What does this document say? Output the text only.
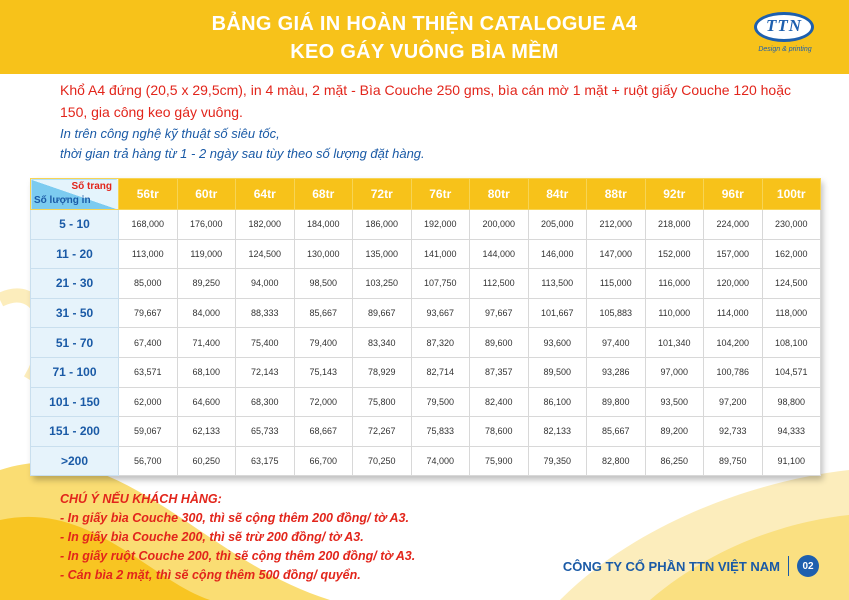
BẢNG GIÁ IN HOÀN THIỆN CATALOGUE A4
KEO GÁY VUÔNG BÌA MỀM
TTN
Design & printing
Khổ A4 đứng (20,5 x 29,5cm), in 4 màu, 2 mặt - Bìa Couche 250 gms, bìa cán mờ 1 mặt + ruột giấy Couche 120 hoặc 150, gia công keo gáy vuông.
In trên công nghệ kỹ thuật số siêu tốc,
thời gian trả hàng từ 1 - 2 ngày sau tùy theo số lượng đặt hàng.
Số trang
Số lượng in	56tr	60tr	64tr	68tr	72tr	76tr	80tr	84tr	88tr	92tr	96tr	100tr
5 - 10	168,000	176,000	182,000	184,000	186,000	192,000	200,000	205,000	212,000	218,000	224,000	230,000
11 - 20	113,000	119,000	124,500	130,000	135,000	141,000	144,000	146,000	147,000	152,000	157,000	162,000
21 - 30	85,000	89,250	94,000	98,500	103,250	107,750	112,500	113,500	115,000	116,000	120,000	124,500
31 - 50	79,667	84,000	88,333	85,667	89,667	93,667	97,667	101,667	105,883	110,000	114,000	118,000
51 - 70	67,400	71,400	75,400	79,400	83,340	87,320	89,600	93,600	97,400	101,340	104,200	108,100
71 - 100	63,571	68,100	72,143	75,143	78,929	82,714	87,357	89,500	93,286	97,000	100,786	104,571
101 - 150	62,000	64,600	68,300	72,000	75,800	79,500	82,400	86,100	89,800	93,500	97,200	98,800
151 - 200	59,067	62,133	65,733	68,667	72,267	75,833	78,600	82,133	85,667	89,200	92,733	94,333
>200	56,700	60,250	63,175	66,700	70,250	74,000	75,900	79,350	82,800	86,250	89,750	91,100
CHÚ Ý NẾU KHÁCH HÀNG:
- In giấy bìa Couche 300, thì sẽ cộng thêm 200 đồng/ tờ A3.
- In giấy bìa Couche 200, thì sẽ trừ 200 đồng/ tờ A3.
- In giấy ruột Couche 200, thì sẽ cộng thêm 200 đồng/ tờ A3.
- Cán bìa 2 mặt, thì sẽ cộng thêm 500 đồng/ quyển.
CÔNG TY CỔ PHẦN TTN VIỆT NAM	02
